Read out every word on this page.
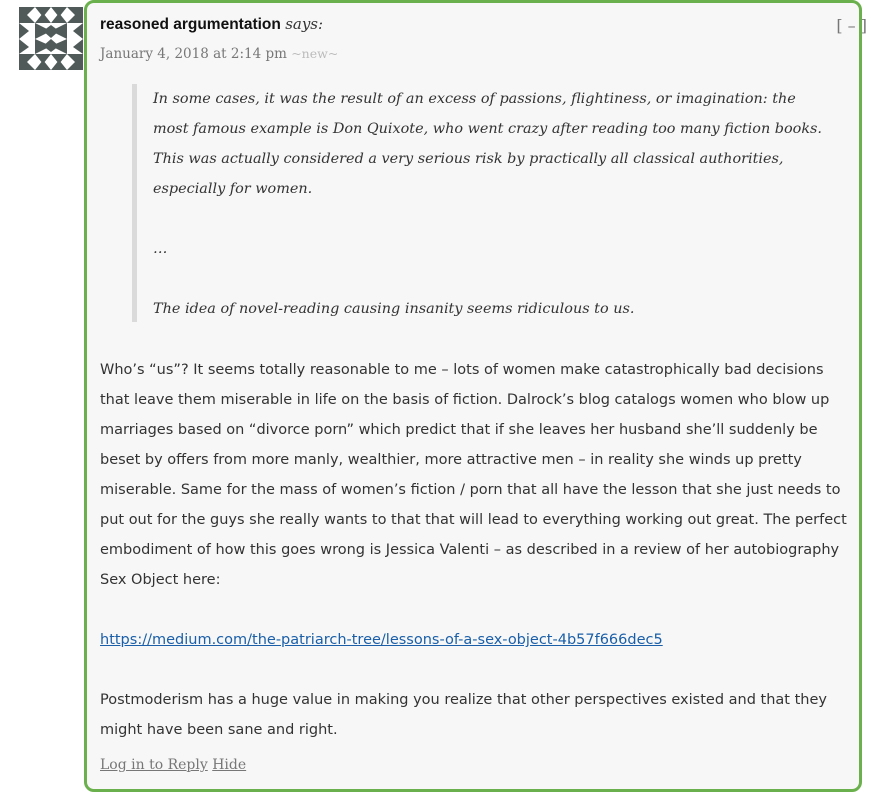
reasoned argumentation says:	[ – ]
January 4, 2018 at 2:14 pm ~new~

In some cases, it was the result of an excess of passions, flightiness, or imagination: the most famous example is Don Quixote, who went crazy after reading too many fiction books. This was actually considered a very serious risk by practically all classical authorities, especially for women.

…

The idea of novel-reading causing insanity seems ridiculous to us.

Who’s “us”? It seems totally reasonable to me – lots of women make catastrophically bad decisions that leave them miserable in life on the basis of fiction. Dalrock’s blog catalogs women who blow up marriages based on “divorce porn” which predict that if she leaves her husband she’ll suddenly be beset by offers from more manly, wealthier, more attractive men – in reality she winds up pretty miserable. Same for the mass of women’s fiction / porn that all have the lesson that she just needs to put out for the guys she really wants to that that will lead to everything working out great. The perfect embodiment of how this goes wrong is Jessica Valenti – as described in a review of her autobiography Sex Object here:

https://medium.com/the-patriarch-tree/lessons-of-a-sex-object-4b57f666dec5

Postmoderism has a huge value in making you realize that other perspectives existed and that they might have been sane and right.

Log in to Reply Hide
